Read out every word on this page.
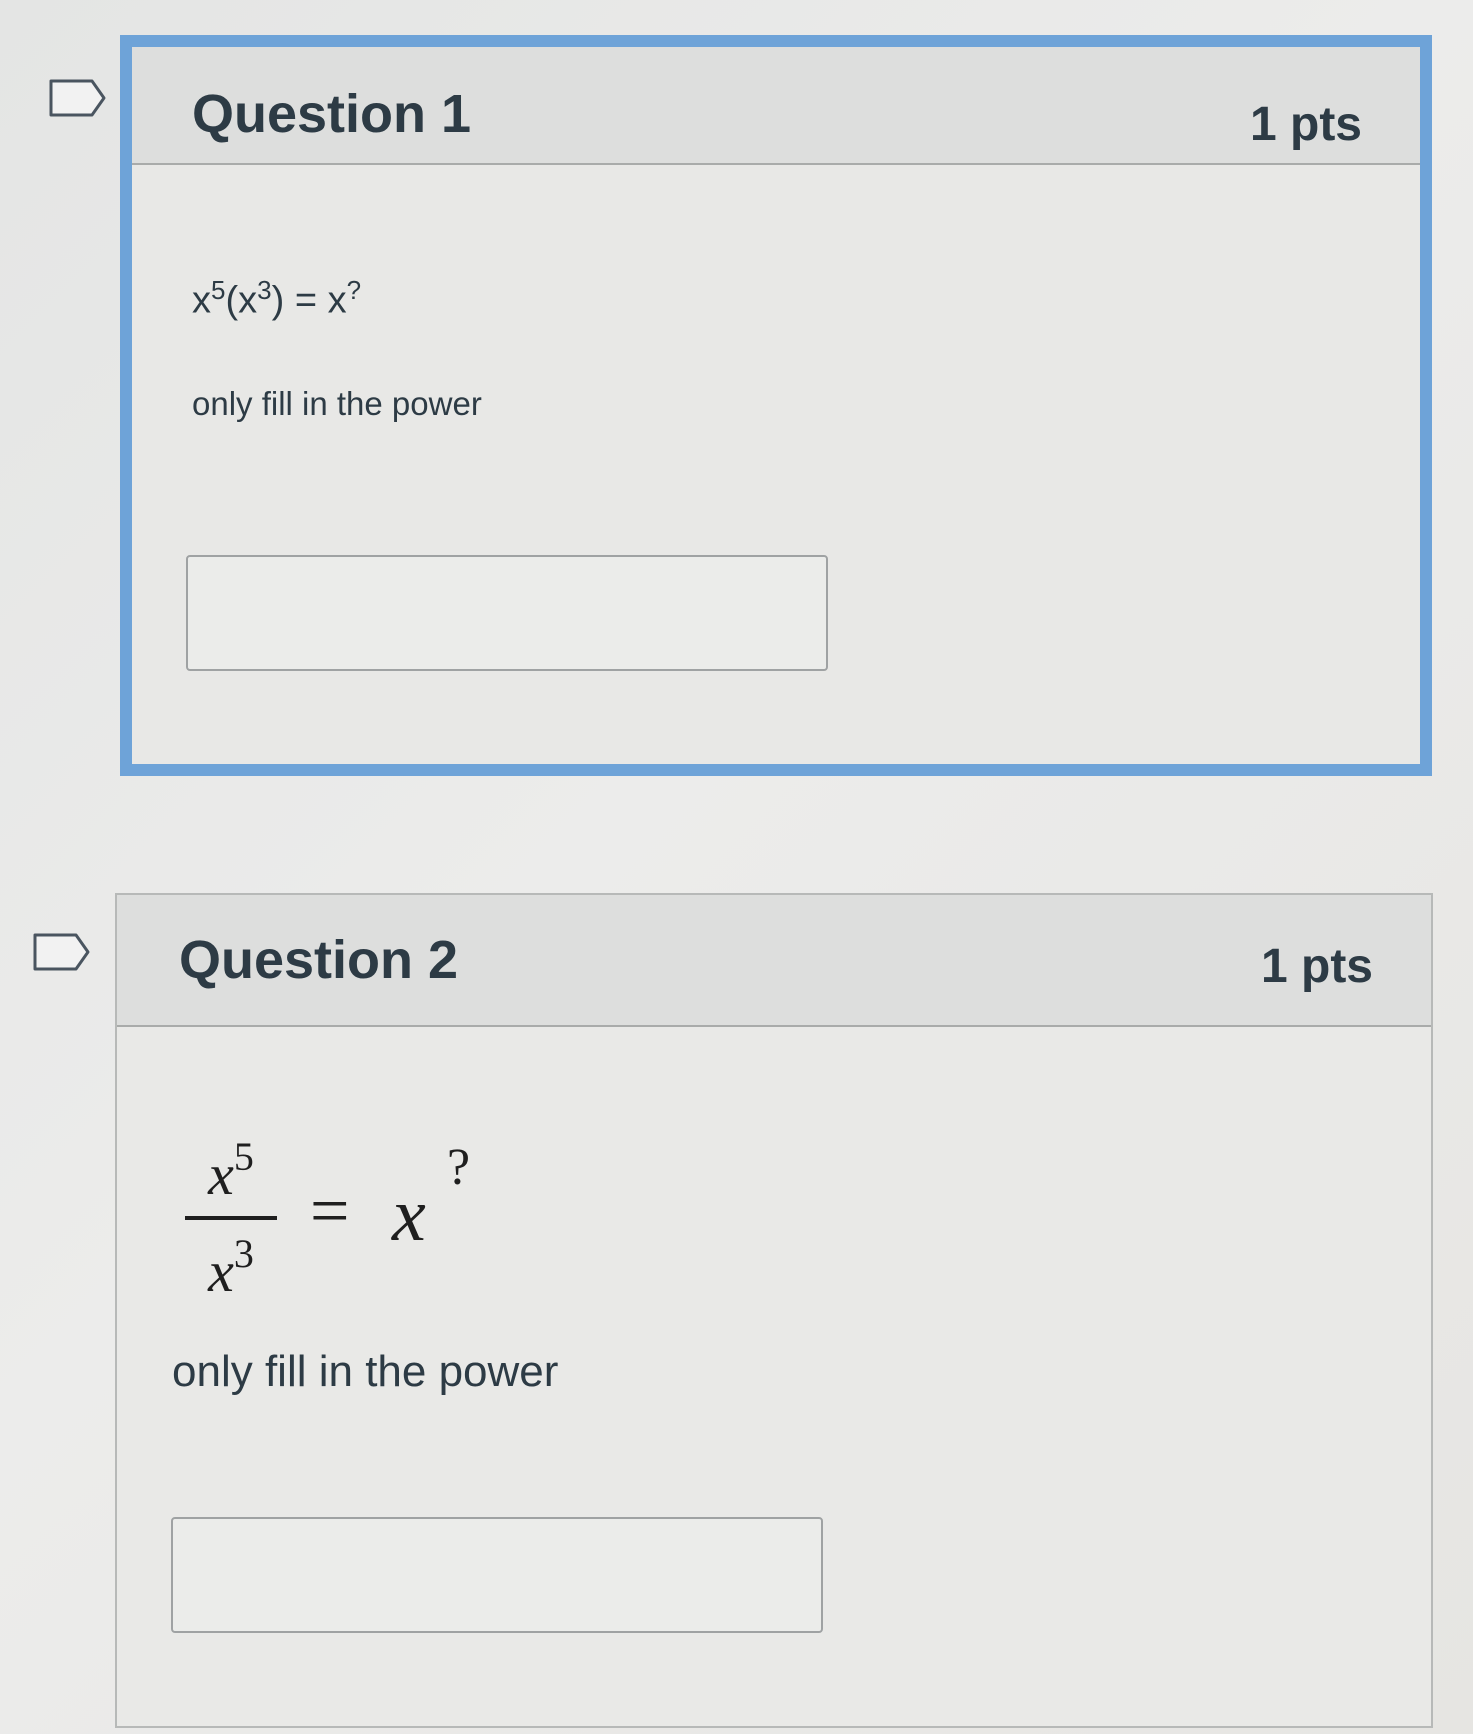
Question 1	1 pts
$x^5(x^3) = x^?$
only fill in the power
Question 2	1 pts
$x^5$
$x^3$
= x
?
only fill in the power
